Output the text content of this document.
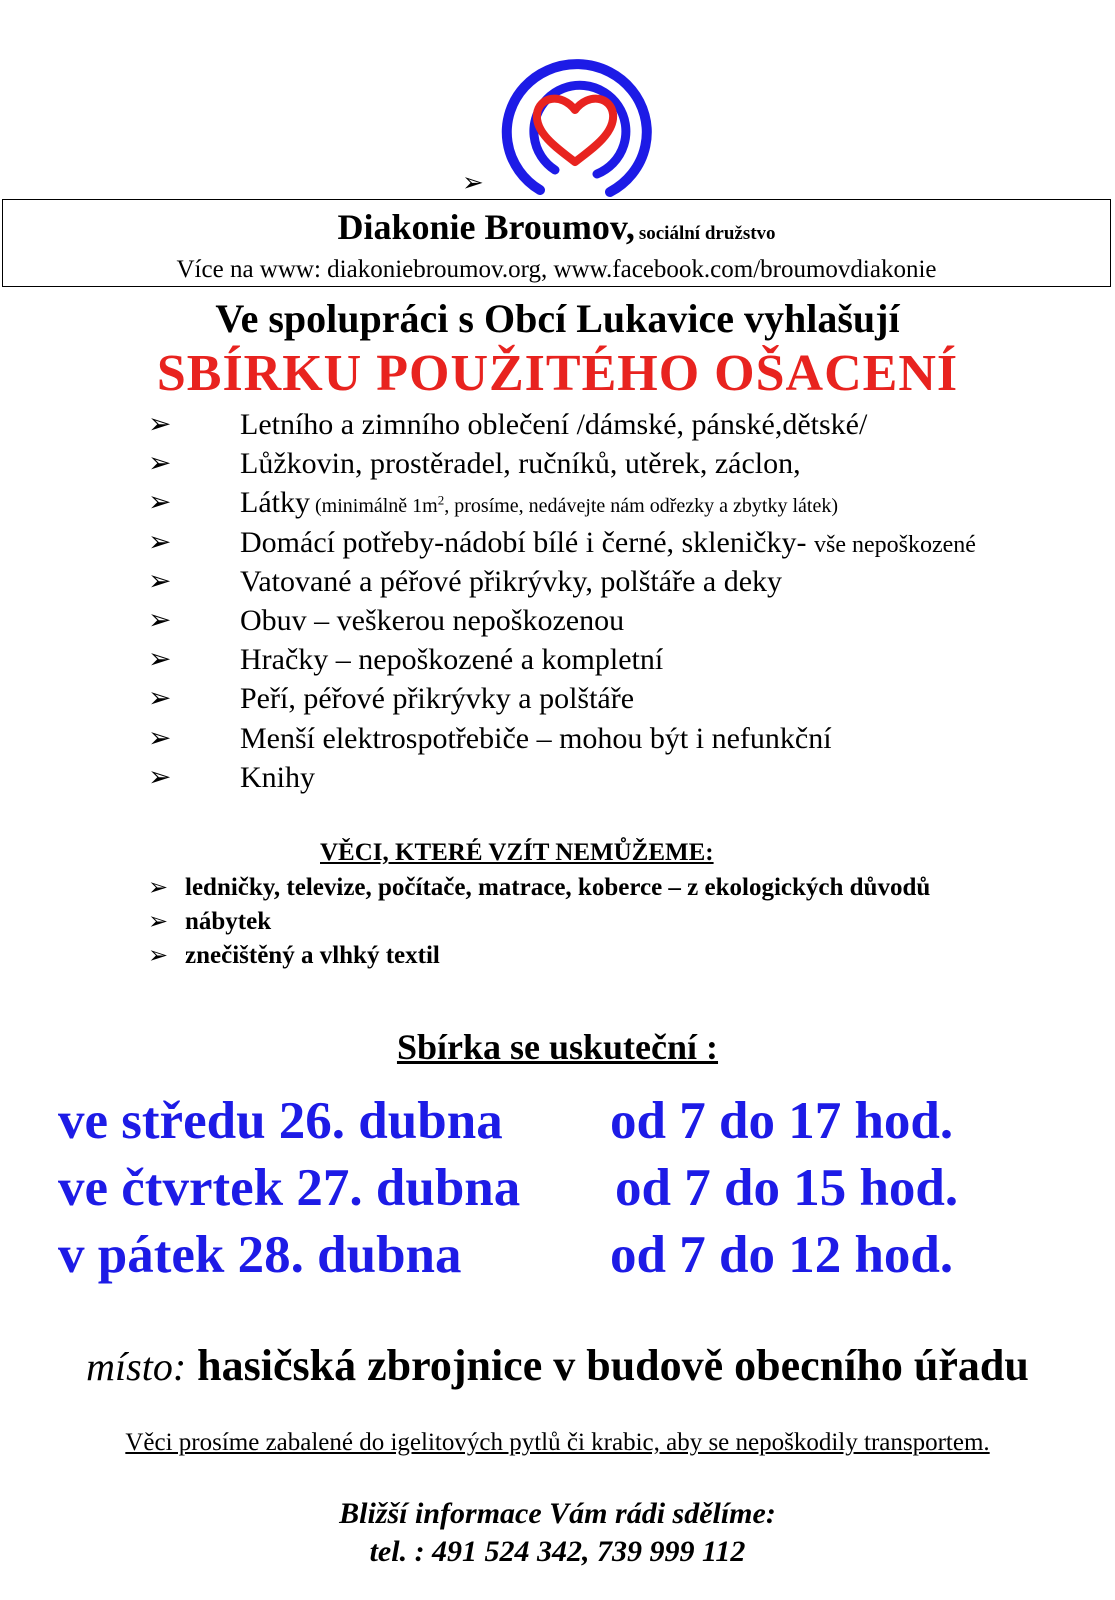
➢
Diakonie Broumov, sociální družstvo
Více na www: diakoniebroumov.org, www.facebook.com/broumovdiakonie
Ve spolupráci s Obcí Lukavice vyhlašují
SBÍRKU POUŽITÉHO OŠACENÍ
➢ Letního a zimního oblečení /dámské, pánské,dětské/
➢ Lůžkovin, prostěradel, ručníků, utěrek, záclon,
➢ Látky (minimálně $1m^2$, prosíme, nedávejte nám odřezky a zbytky látek)
➢ Domácí potřeby-nádobí bílé i černé, skleničky- vše nepoškozené
➢ Vatované a péřové přikrývky, polštáře a deky
➢ Obuv – veškerou nepoškozenou
➢ Hračky – nepoškozené a kompletní
➢ Peří, péřové přikrývky a polštáře
➢ Menší elektrospotřebiče – mohou být i nefunkční
➢ Knihy
VĚCI, KTERÉ VZÍT NEMŮŽEME:
➢ ledničky, televize, počítače, matrace, koberce – z ekologických důvodů
➢ nábytek
➢ znečištěný a vlhký textil
Sbírka se uskuteční :
ve středu 26. dubna od 7 do 17 hod.
ve čtvrtek 27. dubna od 7 do 15 hod.
v pátek 28. dubna	od 7 do 12 hod.
místo: hasičská zbrojnice v budově obecního úřadu
Věci prosíme zabalené do igelitových pytlů či krabic, aby se nepoškodily transportem.
Bližší informace Vám rádi sdělíme:
tel. : 491 524 342, 739 999 112
